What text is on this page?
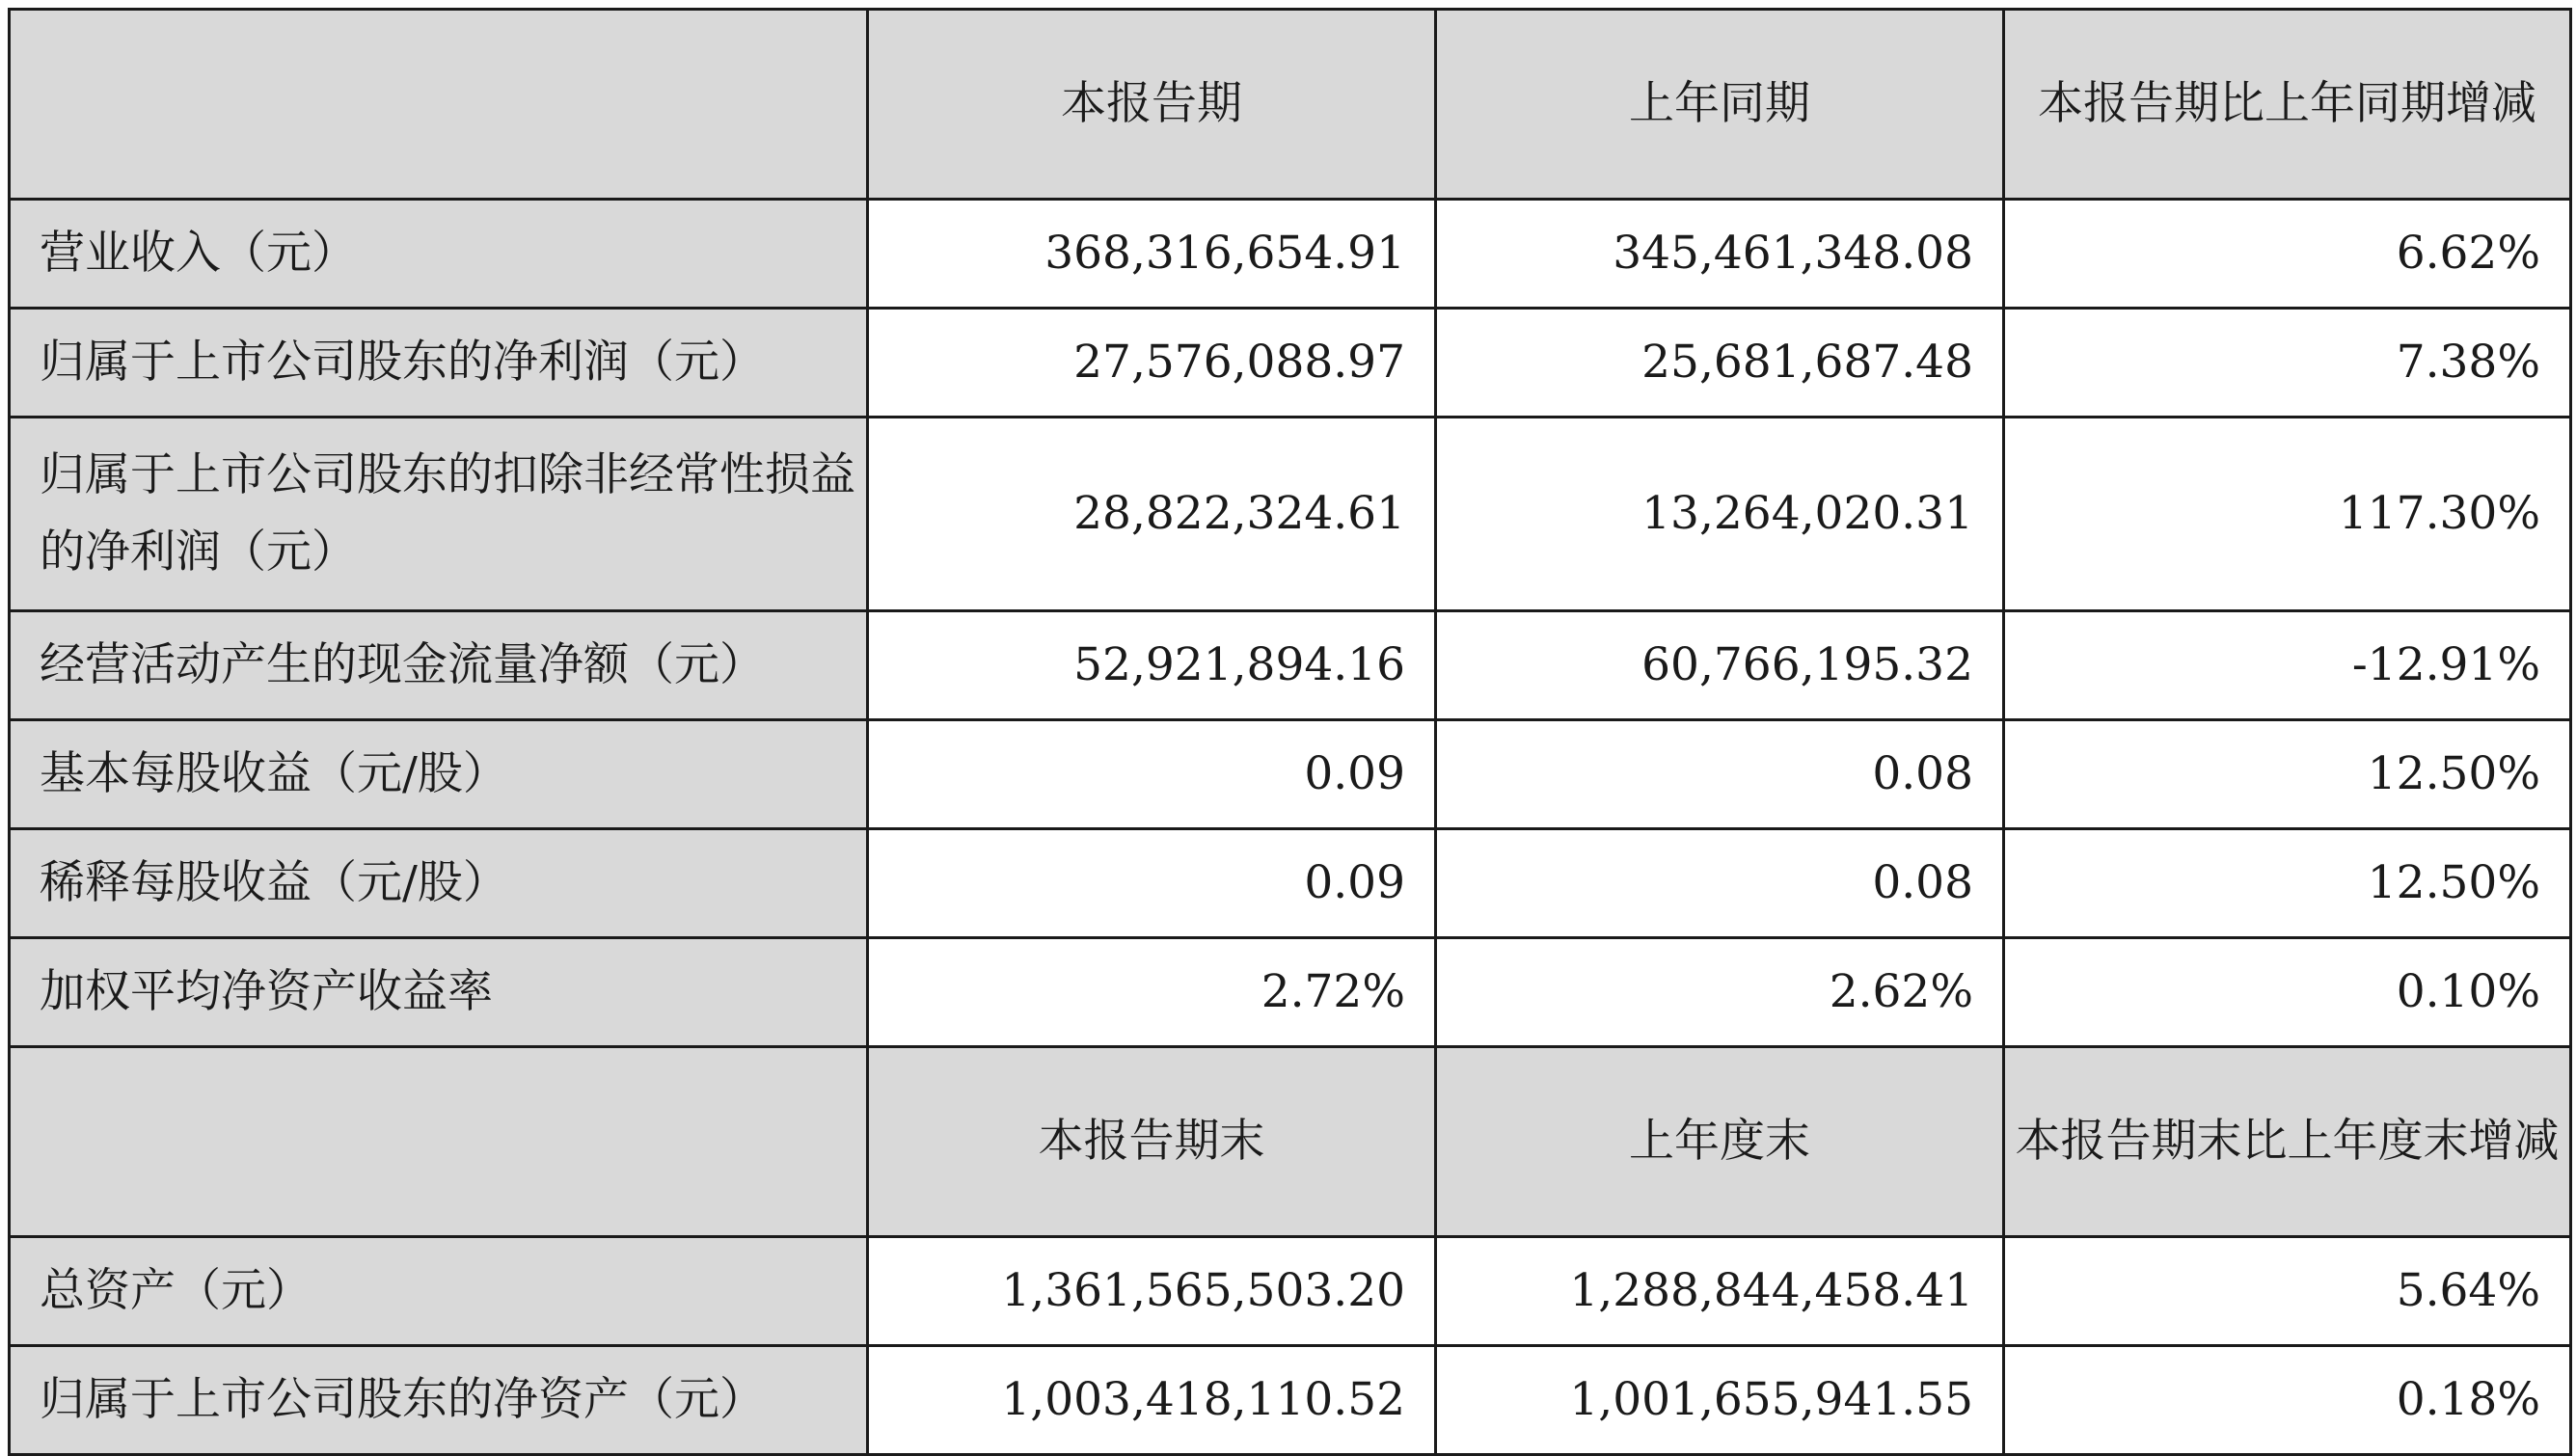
	本报告期	上年同期	本报告期比上年同期增减
营业收入（元）	368,316,654.91	345,461,348.08	6.62%
归属于上市公司股东的净利润（元）	27,576,088.97	25,681,687.48	7.38%
归属于上市公司股东的扣除非经常性损益的净利润（元）	28,822,324.61	13,264,020.31	117.30%
经营活动产生的现金流量净额（元）	52,921,894.16	60,766,195.32	-12.91%
基本每股收益（元/股）	0.09	0.08	12.50%
稀释每股收益（元/股）	0.09	0.08	12.50%
加权平均净资产收益率	2.72%	2.62%	0.10%
	本报告期末	上年度末	本报告期末比上年度末增减
总资产（元）	1,361,565,503.20	1,288,844,458.41	5.64%
归属于上市公司股东的净资产（元）	1,003,418,110.52	1,001,655,941.55	0.18%
